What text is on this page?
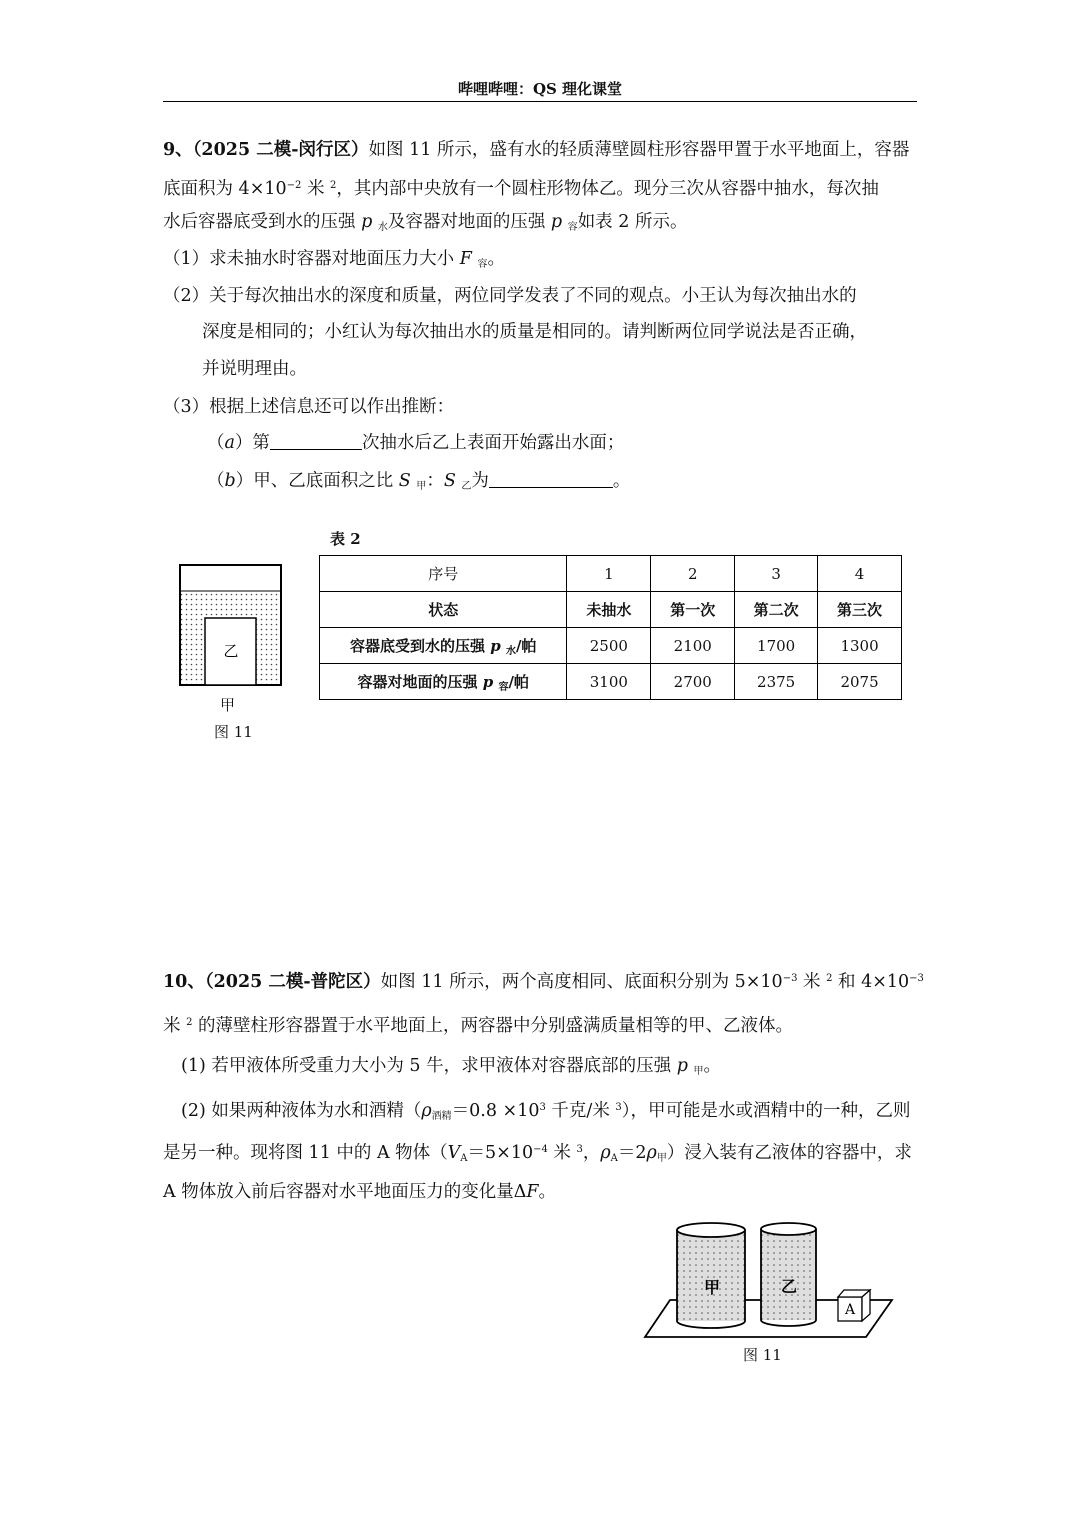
哔哩哔哩：QS 理化课堂
9、（2025 二模-闵行区）如图 11 所示，盛有水的轻质薄壁圆柱形容器甲置于水平地面上，容器
底面积为 $4\times 10^{-2}$ 米 $^2$，其内部中央放有一个圆柱形物体乙。现分三次从容器中抽水，每次抽
水后容器底受到水的压强 p $_水$及容器对地面的压强 p $_容$如表 2 所示。
（1）求未抽水时容器对地面压力大小 F $_容$。
（2）关于每次抽出水的深度和质量，两位同学发表了不同的观点。小王认为每次抽出水的
深度是相同的；小红认为每次抽出水的质量是相同的。请判断两位同学说法是否正确，
并说明理由。
（3）根据上述信息还可以作出推断：
（a）第	次抽水后乙上表面开始露出水面；
（b）甲、乙底面积之比 S $_甲$：S $_乙$为	。
乙
甲
图 11
表 2
序号	1	2	3	4
状态	未抽水	第一次	第二次	第三次
容器底受到水的压强 p $_水$/帕	2500	2100	1700	1300
容器对地面的压强 p $_容$/帕	3100	2700	2375	2075
10、（2025 二模-普陀区）如图 11 所示，两个高度相同、底面积分别为 $5\times 10^{-3}$ 米 $^2$ 和 $4\times 10^{-3}$
米 $^2$ 的薄壁柱形容器置于水平地面上，两容器中分别盛满质量相等的甲、乙液体。
(1) 若甲液体所受重力大小为 5 牛，求甲液体对容器底部的压强 p $_甲$。
(2) 如果两种液体为水和酒精（$\rho_{酒精}=0.8 \times 10^3$ 千克/米 $^3$），甲可能是水或酒精中的一种，乙则
是另一种。现将图 11 中的 A 物体（$V_A=5\times 10^{-4}$ 米 $^3$，$\rho_A=2\rho_甲$）浸入装有乙液体的容器中，求
A 物体放入前后容器对水平地面压力的变化量ΔF。
甲	乙
A
图 11
